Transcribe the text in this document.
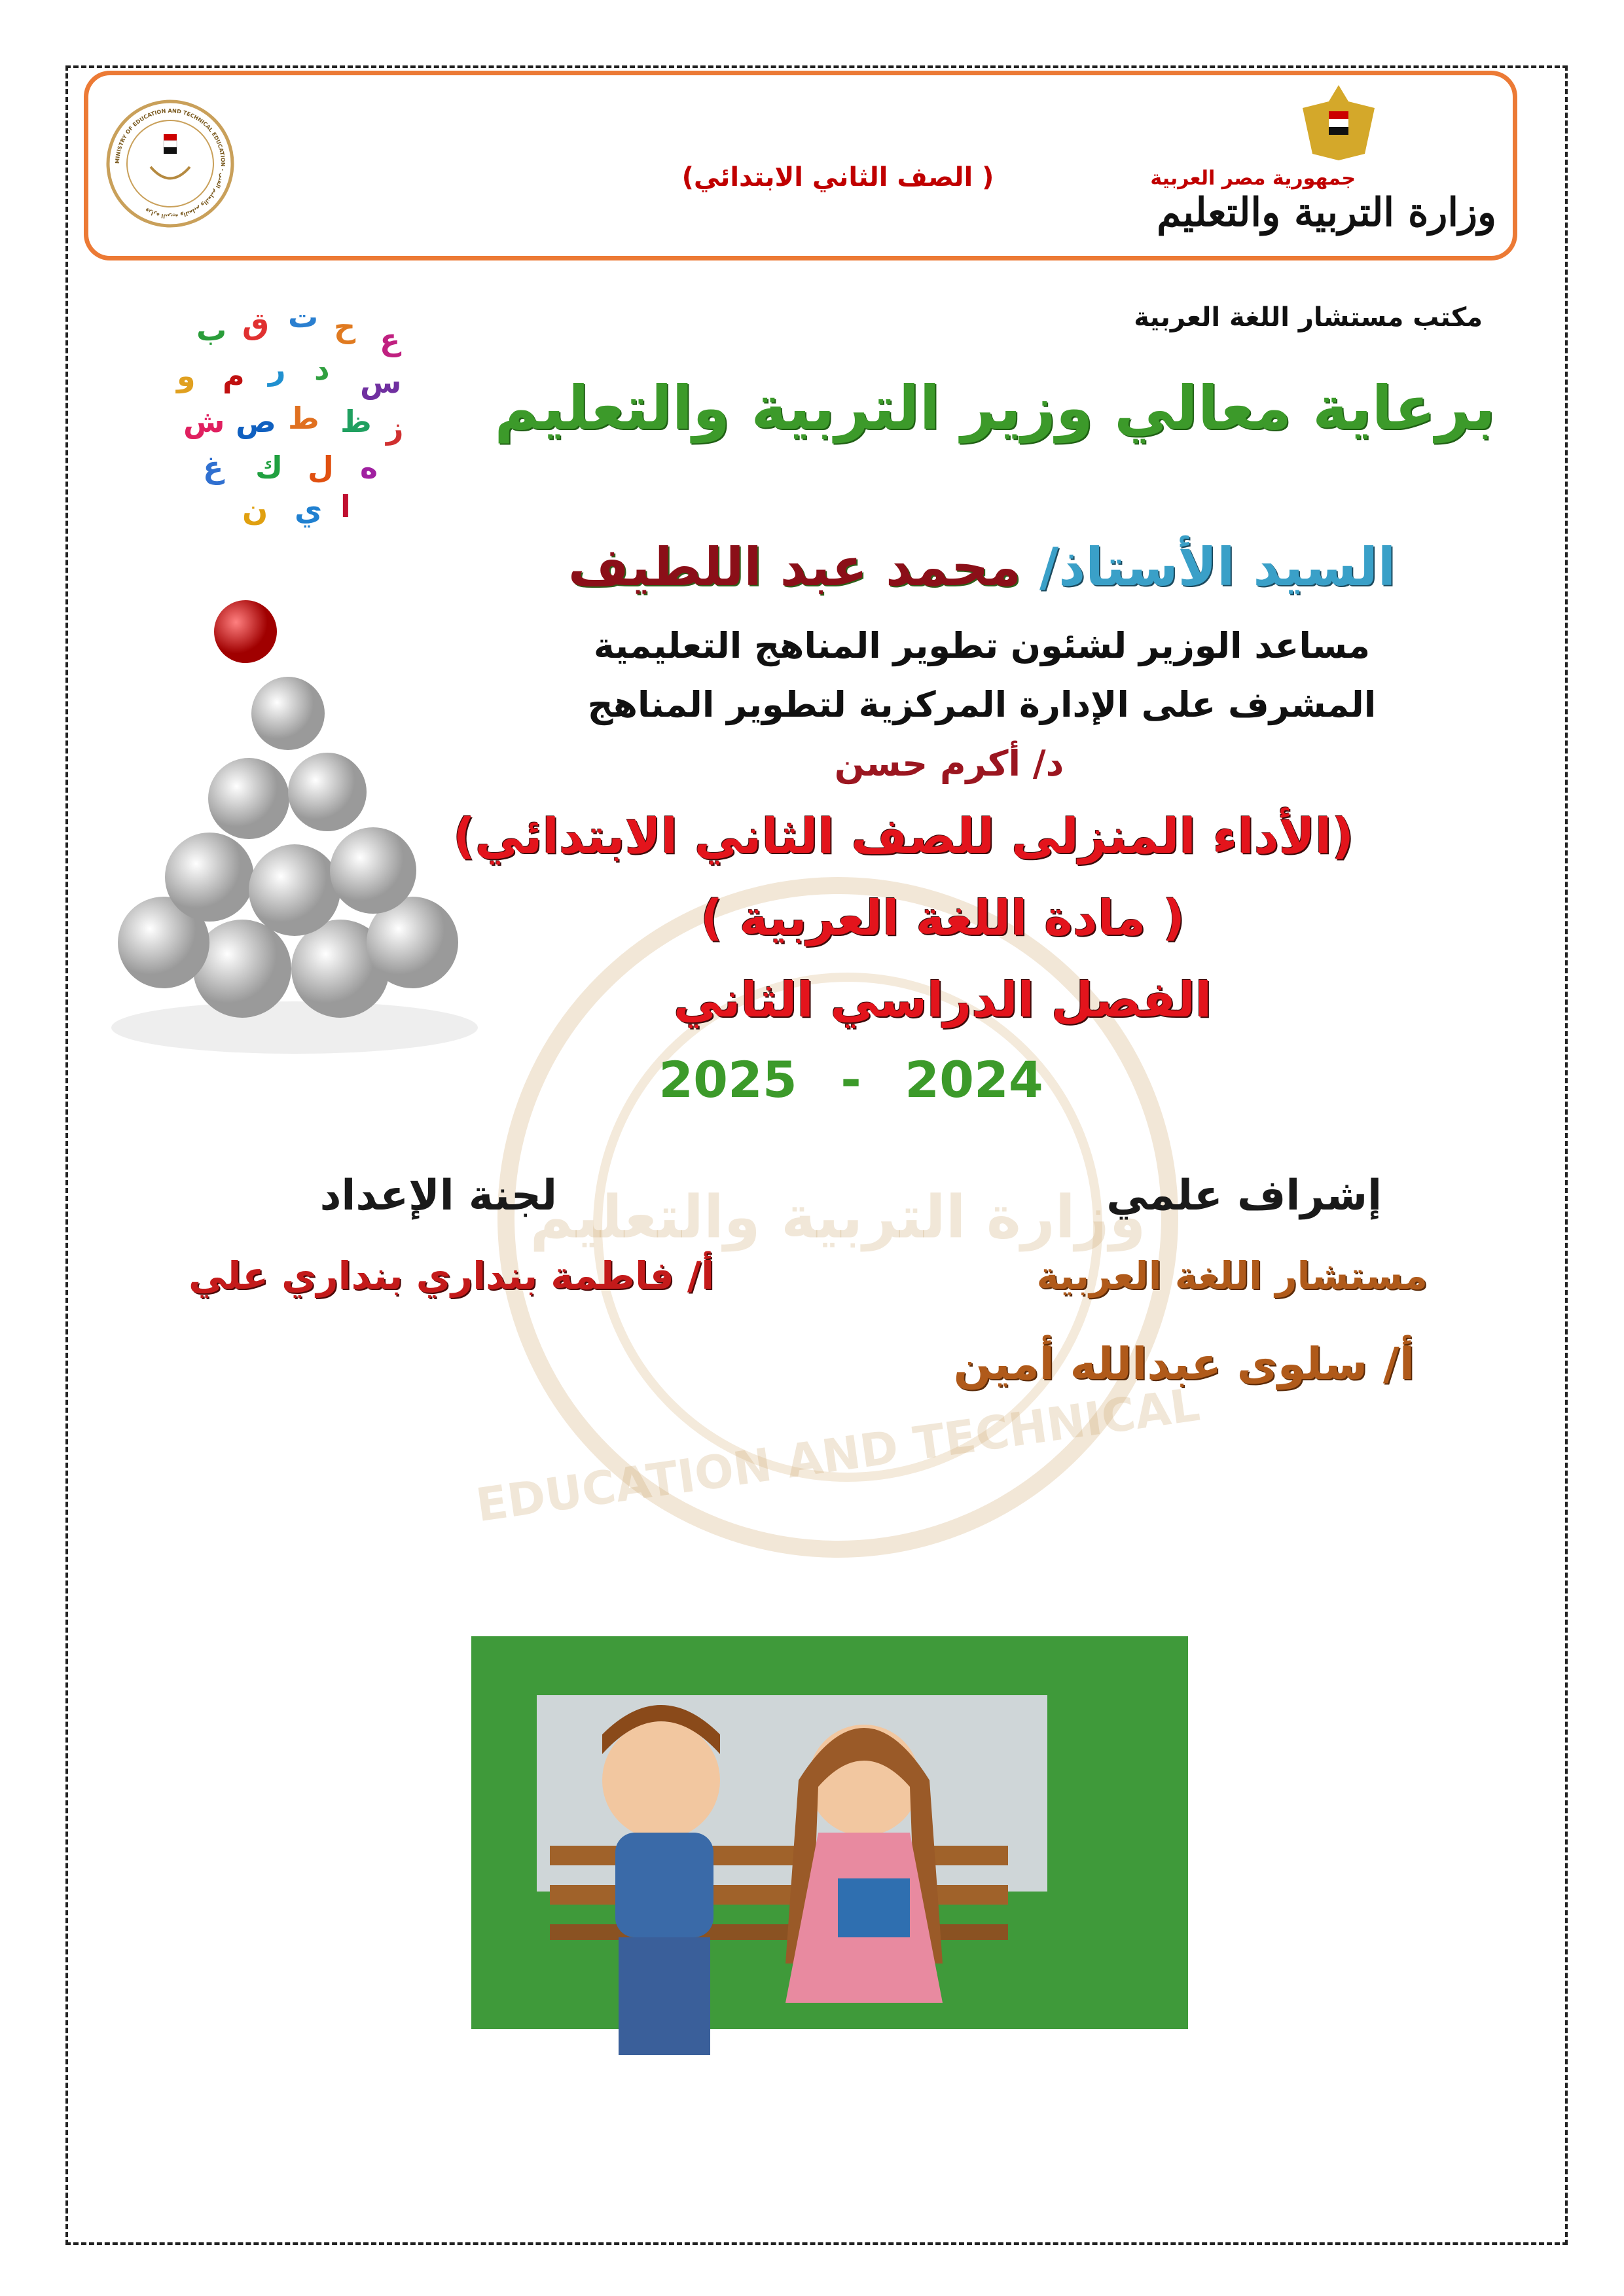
MINISTRY OF EDUCATION AND TECHNICAL EDUCATION - وزارة التربية والتعليم والتعليم الفني
جمهورية مصر العربية
وزارة التربية والتعليم
( الصف الثاني الابتدائي)
مكتب مستشار اللغة العربية
ب ق ت ح ع
و م ر د س
ش ص ط ظ ز
غ ك ل ه
ن ي ا
وزارة التربية والتعليم
EDUCATION AND TECHNICAL
برعاية معالي وزير التربية والتعليم
السيد الأستاذ/ محمد عبد اللطيف
مساعد الوزير لشئون تطوير المناهج التعليمية
المشرف على الإدارة المركزية لتطوير المناهج
د/ أكرم حسن
(الأداء المنزلى للصف الثاني الابتدائي)
( مادة اللغة العربية )
الفصل الدراسي الثاني
2025 - 2024
إشراف علمي
لجنة الإعداد
مستشار اللغة العربية
أ/ فاطمة بنداري بنداري علي
أ/ سلوى عبدالله أمين
